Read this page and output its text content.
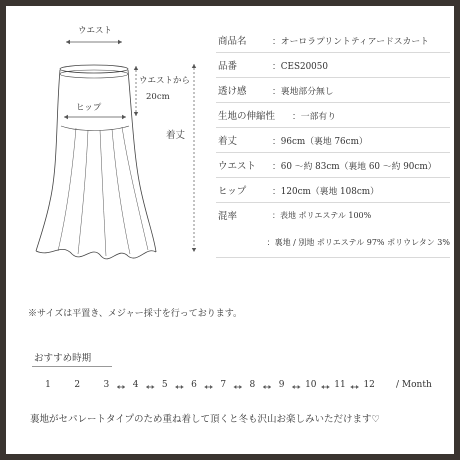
ウエスト
ウエストから
20cm
ヒップ
着丈
商品名	：オーロラプリントティアードスカート
品番	：CES20050
透け感	：裏地部分無し
生地の伸縮性	：一部有り
着丈	：96cm（裏地 76cm）
ウエスト	：60 ～約 83cm（裏地 60 ～約 90cm）
ヒップ	：120cm（裏地 108cm）
混率	：表地 ポリエステル 100%
：裏地 / 別地 ポリエステル 97% ポリウレタン 3%
※サイズは平置き、メジャー採寸を行っております。
おすすめ時期
/ Month
1	2	3	4	5	6	7	8	9 10 11 12
裏地がセパレートタイプのため重ね着して頂くと冬も沢山お楽しみいただけます♡
